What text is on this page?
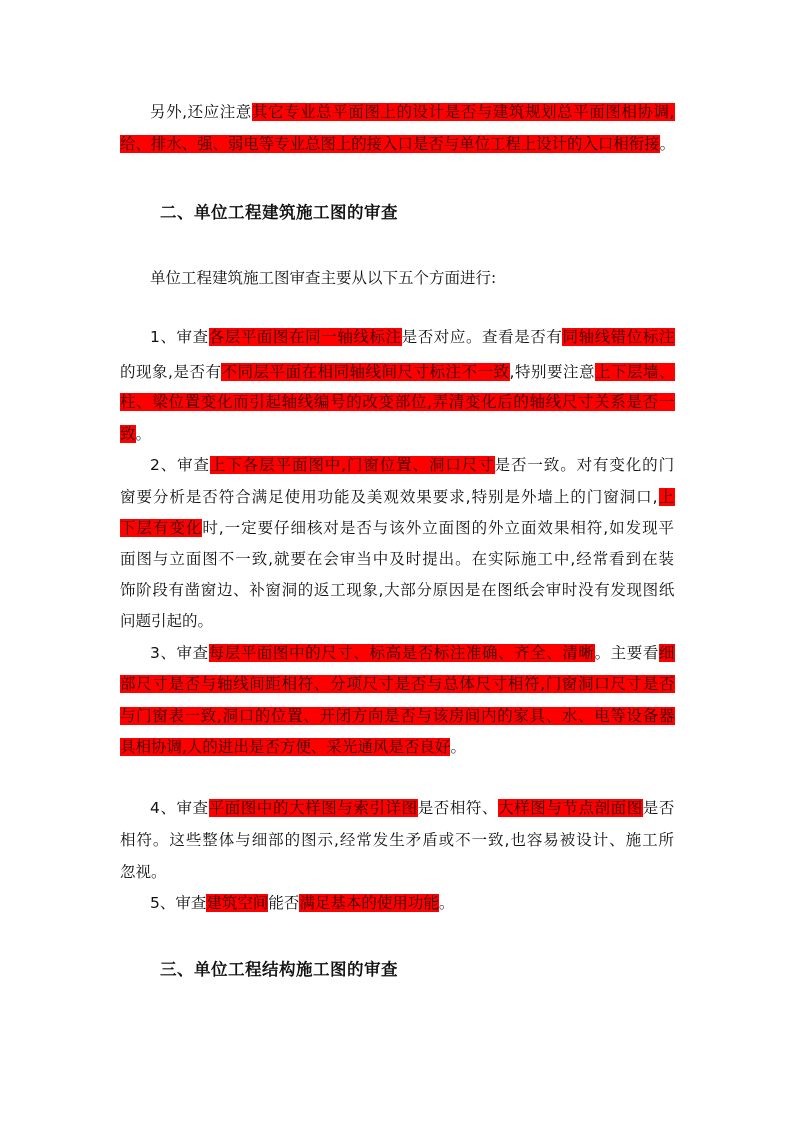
二、单位工程建筑施工图的审查
三、单位工程结构施工图的审查
另外,还应注意其它专业总平面图上的设计是否与建筑规划总平面图相协调,
给、排水、强、弱电等专业总图上的接入口是否与单位工程上设计的入口相衔接。
单位工程建筑施工图审查主要从以下五个方面进行:
1、审查各层平面图在同一轴线标注是否对应。查看是否有同轴线错位标注
的现象,是否有不同层平面在相同轴线间尺寸标注不一致,特别要注意上下层墙、
柱、梁位置变化而引起轴线编号的改变部位,弄清变化后的轴线尺寸关系是否一
致。
2、审查上下各层平面图中,门窗位置、洞口尺寸是否一致。对有变化的门
窗要分析是否符合满足使用功能及美观效果要求,特别是外墙上的门窗洞口,上
下层有变化时,一定要仔细核对是否与该外立面图的外立面效果相符,如发现平
面图与立面图不一致,就要在会审当中及时提出。在实际施工中,经常看到在装
饰阶段有凿窗边、补窗洞的返工现象,大部分原因是在图纸会审时没有发现图纸
问题引起的。
3、审查每层平面图中的尺寸、标高是否标注准确、齐全、清晰。主要看细
部尺寸是否与轴线间距相符、分项尺寸是否与总体尺寸相符,门窗洞口尺寸是否
与门窗表一致,洞口的位置、开闭方向是否与该房间内的家具、水、电等设备器
具相协调,人的进出是否方便、采光通风是否良好。
4、审查平面图中的大样图与索引详图是否相符、大样图与节点剖面图是否
相符。这些整体与细部的图示,经常发生矛盾或不一致,也容易被设计、施工所
忽视。
5、审查建筑空间能否满足基本的使用功能。
